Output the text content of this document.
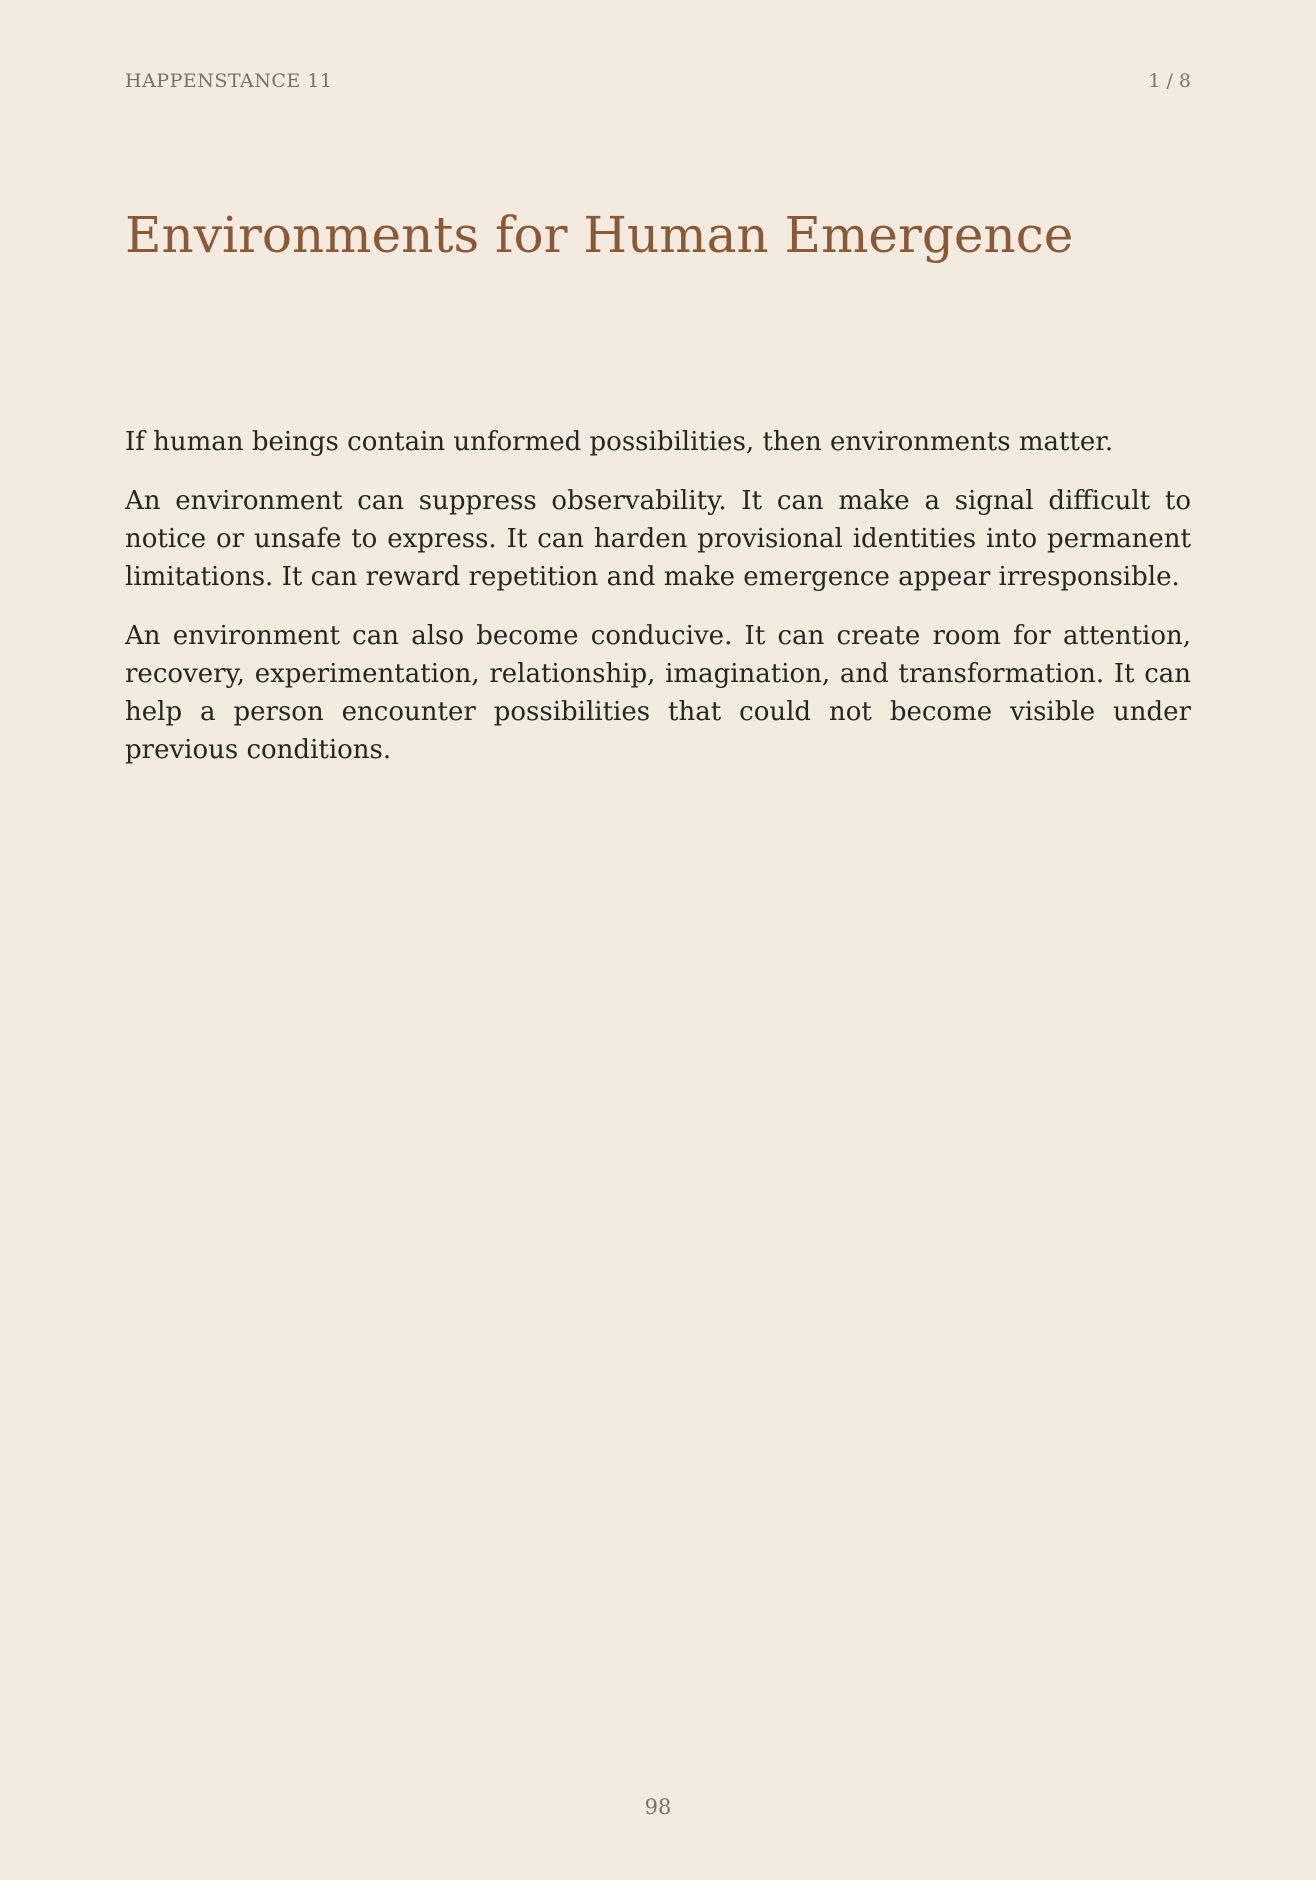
HAPPENSTANCE 11	1 / 8
Environments for Human Emergence

If human beings contain unformed possibilities, then environments matter.

An environment can suppress observability. It can make a signal difficult to notice or unsafe to express. It can harden provisional identities into permanent limitations. It can reward repetition and make emergence appear irresponsible.

An environment can also become conducive. It can create room for attention, recovery, experimentation, relationship, imagination, and transformation. It can help a person encounter possibilities that could not become visible under previous conditions.

98
